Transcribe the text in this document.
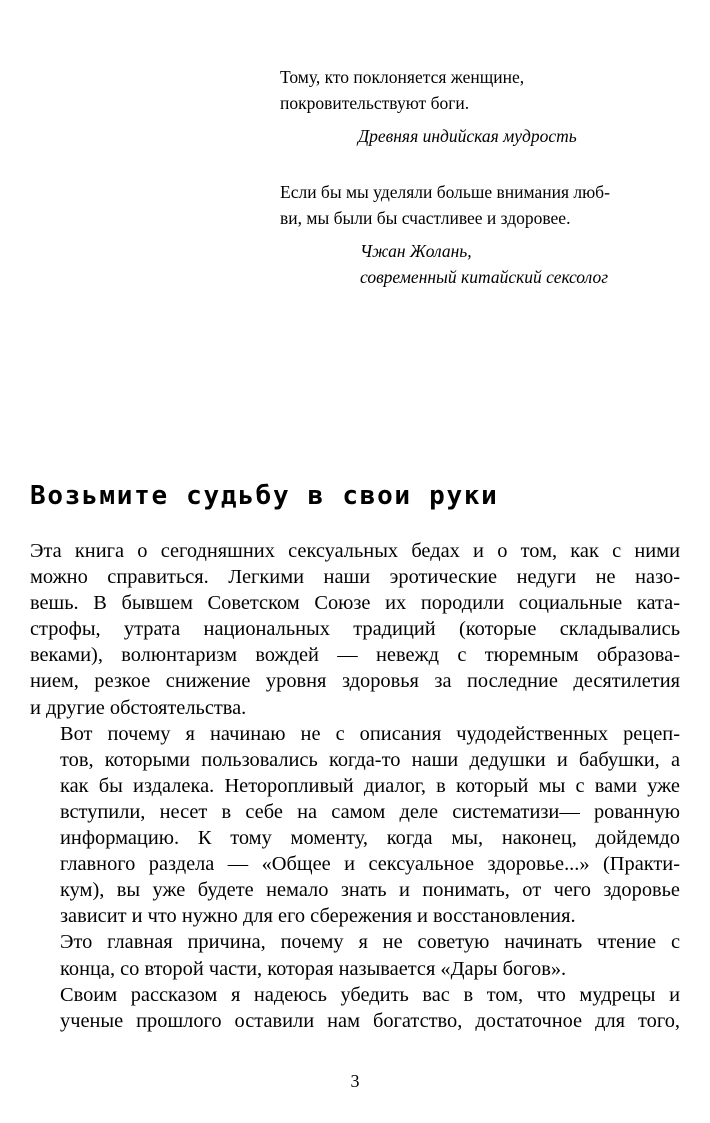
Тому, кто поклоняется женщине,
покровительствуют боги.

Древняя индийская мудрость

Если бы мы уделяли больше внимания люб-
ви, мы были бы счастливее и здоровее.

Чжан Жолань,
современный китайский сексолог

Возьмите судьбу в свои руки

Эта книга о сегодняшних сексуальных бедах и о том, как с ними
можно справиться. Легкими наши эротические недуги не назо-
вешь. В бывшем Советском Союзе их породили социальные ката-
строфы, утрата национальных традиций (которые складывались
веками), волюнтаризм вождей — невежд с тюремным образова-
нием, резкое снижение уровня здоровья за последние десятилетия
и другие обстоятельства.

Вот почему я начинаю не с описания чудодейственных рецеп-
тов, которыми пользовались когда-то наши дедушки и бабушки, а
как бы издалека. Неторопливый диалог, в который мы с вами уже
вступили, несет в себе на самом деле систематизи— рованную
информацию. К тому моменту, когда мы, наконец, дойдемдо
главного раздела — «Общее и сексуальное здоровье...» (Практи-
кум), вы уже будете немало знать и понимать, от чего здоровье
зависит и что нужно для его сбережения и восстановления.

Это главная причина, почему я не советую начинать чтение с
конца, со второй части, которая называется «Дары богов».

Своим рассказом я надеюсь убедить вас в том, что мудрецы и
ученые прошлого оставили нам богатство, достаточное для того,

3
